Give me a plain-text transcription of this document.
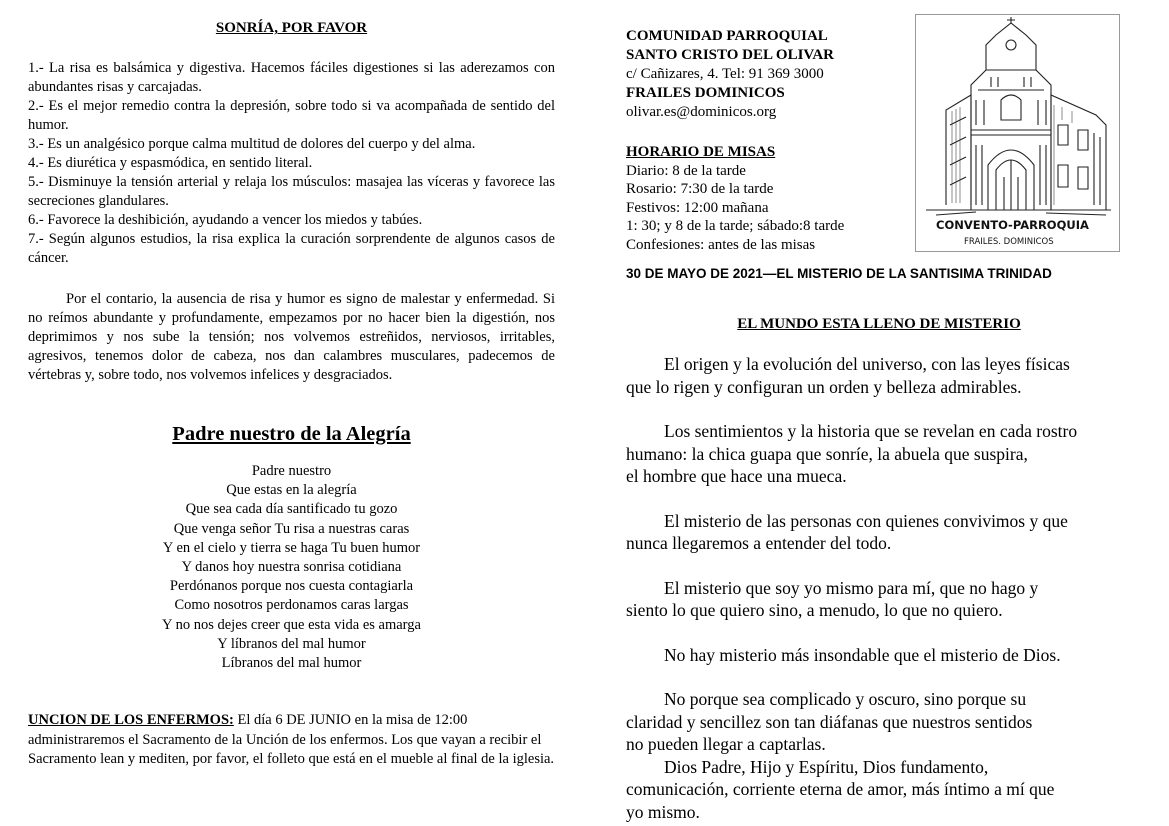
SONRÍA, POR FAVOR

1.- La risa es balsámica y digestiva. Hacemos fáciles digestiones si las aderezamos con abundantes risas y carcajadas.

2.- Es el mejor remedio contra la depresión, sobre todo si va acompañada de sentido del humor.

3.- Es un analgésico porque calma multitud de dolores del cuerpo y del alma.

4.- Es diurética y espasmódica, en sentido literal.

5.- Disminuye la tensión arterial y relaja los músculos: masajea las víceras y favorece las secreciones glandulares.

6.- Favorece la deshibición, ayudando a vencer los miedos y tabúes.

7.- Según algunos estudios, la risa explica la curación sorprendente de algunos casos de cáncer.

Por el contario, la ausencia de risa y humor es signo de malestar y enfermedad. Si no reímos abundante y profundamente, empezamos por no hacer bien la digestión, nos deprimimos y nos sube la tensión; nos volvemos estreñidos, nerviosos, irritables, agresivos, tenemos dolor de cabeza, nos dan calambres musculares, padecemos de vértebras y, sobre todo, nos volvemos infelices y desgraciados.

Padre nuestro de la Alegría
Padre nuestro
Que estas en la alegría
Que sea cada día santificado tu gozo
Que venga señor Tu risa a nuestras caras
Y en el cielo y tierra se haga Tu buen humor
Y danos hoy nuestra sonrisa cotidiana
Perdónanos porque nos cuesta contagiarla
Como nosotros perdonamos caras largas
Y no nos dejes creer que esta vida es amarga
Y líbranos del mal humor
Líbranos del mal humor

UNCION DE LOS ENFERMOS: El día 6 DE JUNIO en la misa de 12:00 administraremos el Sacramento de la Unción de los enfermos. Los que vayan a recibir el Sacramento lean y mediten, por favor, el folleto que está en el mueble al final de la iglesia.

COMUNIDAD PARROQUIAL
SANTO CRISTO DEL OLIVAR
c/ Cañizares, 4. Tel: 91 369 3000
FRAILES DOMINICOS
olivar.es@dominicos.org
HORARIO DE MISAS
Diario: 8 de la tarde
Rosario: 7:30 de la tarde
Festivos: 12:00 mañana
1: 30; y 8 de la tarde; sábado:8 tarde
Confesiones: antes de las misas
CONVENTO-PARROQUIA
FRAILES. DOMINICOS
30 DE MAYO DE 2021—EL MISTERIO DE LA SANTISIMA TRINIDAD
EL MUNDO ESTA LLENO DE MISTERIO

El origen y la evolución del universo, con las leyes físicas
que lo rigen y configuran un orden y belleza admirables.

Los sentimientos y la historia que se revelan en cada rostro
humano: la chica guapa que sonríe, la abuela que suspira,
el hombre que hace una mueca.

El misterio de las personas con quienes convivimos y que
nunca llegaremos a entender del todo.

El misterio que soy yo mismo para mí, que no hago y
siento lo que quiero sino, a menudo, lo que no quiero.

No hay misterio más insondable que el misterio de Dios.

No porque sea complicado y oscuro, sino porque su
claridad y sencillez son tan diáfanas que nuestros sentidos
no pueden llegar a captarlas.

Dios Padre, Hijo y Espíritu, Dios fundamento,
comunicación, corriente eterna de amor, más íntimo a mí que
yo mismo.
